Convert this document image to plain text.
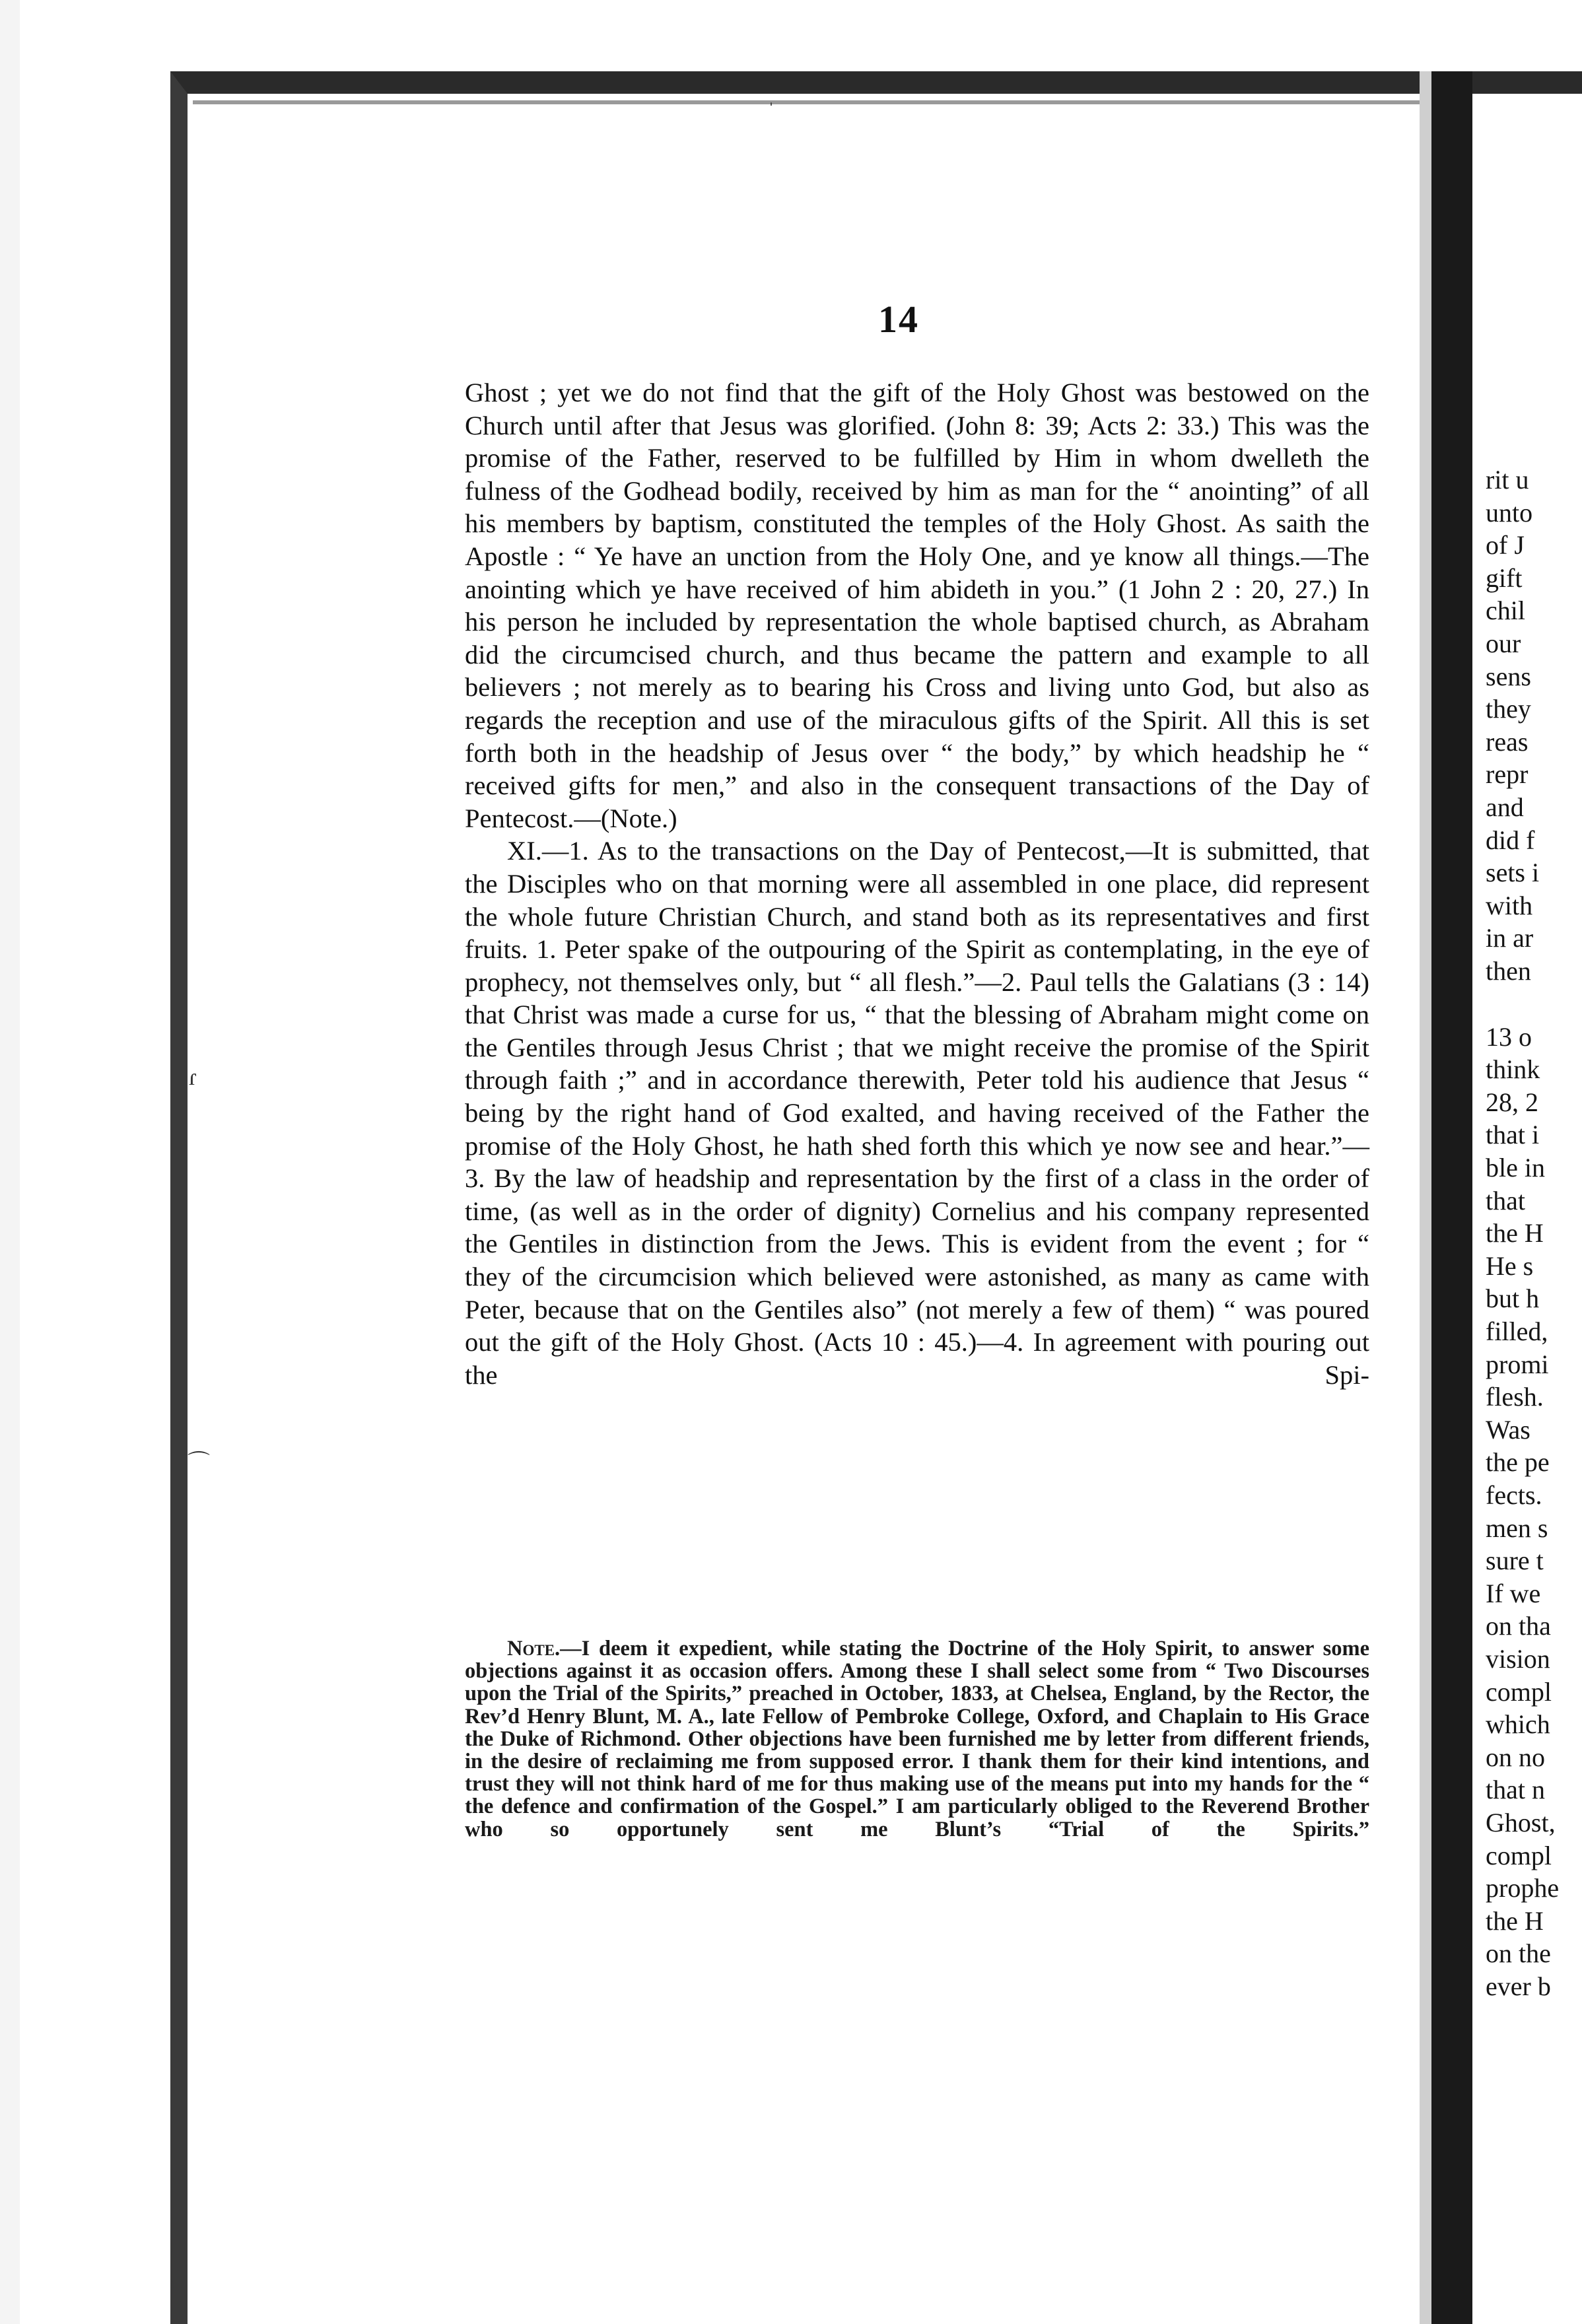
rit u
unto
of J
gift
chil
our
sens
they
reas
repr
and
did f
sets i
with
in ar
then
13 o
think
28, 2
that i
ble in
that
the H
He s
but h
filled,
promi
flesh.
Was
the pe
fects.
men s
sure t
If we
on tha
vision
compl
which
on no
that n
Ghost,
compl
prophe
the H
on the
ever b
ˈ
ɾ
⌒
14

Ghost ; yet we do not find that the gift of the Holy Ghost was bestowed on the Church until after that Jesus was glorified. (John 8: 39; Acts 2: 33.) This was the promise of the Father, reserved to be fulfilled by Him in whom dwelleth the fulness of the Godhead bodily, received by him as man for the “ anointing” of all his members by baptism, constituted the temples of the Holy Ghost. As saith the Apostle : “ Ye have an unction from the Holy One, and ye know all things.—The anointing which ye have received of him abideth in you.” (1 John 2 : 20, 27.) In his person he included by representation the whole baptised church, as Abraham did the circumcised church, and thus became the pattern and example to all believers ; not merely as to bearing his Cross and living unto God, but also as regards the reception and use of the miraculous gifts of the Spirit. All this is set forth both in the headship of Jesus over “ the body,” by which headship he “ received gifts for men,” and also in the consequent transactions of the Day of Pentecost.—(Note.)

XI.—1. As to the transactions on the Day of Pentecost,—It is submitted, that the Disciples who on that morning were all assembled in one place, did represent the whole future Christian Church, and stand both as its representatives and first fruits. 1. Peter spake of the outpouring of the Spirit as contemplating, in the eye of prophecy, not themselves only, but “ all flesh.”—2. Paul tells the Galatians (3 : 14) that Christ was made a curse for us, “ that the blessing of Abraham might come on the Gentiles through Jesus Christ ; that we might receive the promise of the Spirit through faith ;” and in accordance therewith, Peter told his audience that Jesus “ being by the right hand of God exalted, and having received of the Father the promise of the Holy Ghost, he hath shed forth this which ye now see and hear.”—3. By the law of headship and representation by the first of a class in the order of time, (as well as in the order of dignity) Cornelius and his company represented the Gentiles in distinction from the Jews. This is evident from the event ; for “ they of the circumcision which believed were astonished, as many as came with Peter, because that on the Gentiles also” (not merely a few of them) “ was poured out the gift of the Holy Ghost. (Acts 10 : 45.)—4. In agreement with pouring out the Spi-

Note.—I deem it expedient, while stating the Doctrine of the Holy Spirit, to answer some objections against it as occasion offers. Among these I shall select some from “ Two Discourses upon the Trial of the Spirits,” preached in October, 1833, at Chelsea, England, by the Rector, the Rev’d Henry Blunt, M. A., late Fellow of Pembroke College, Oxford, and Chaplain to His Grace the Duke of Richmond. Other objections have been furnished me by letter from different friends, in the desire of reclaiming me from supposed error. I thank them for their kind intentions, and trust they will not think hard of me for thus making use of the means put into my hands for the “ the defence and confirmation of the Gospel.” I am particularly obliged to the Reverend Brother who so opportunely sent me Blunt’s “Trial of the Spirits.”
